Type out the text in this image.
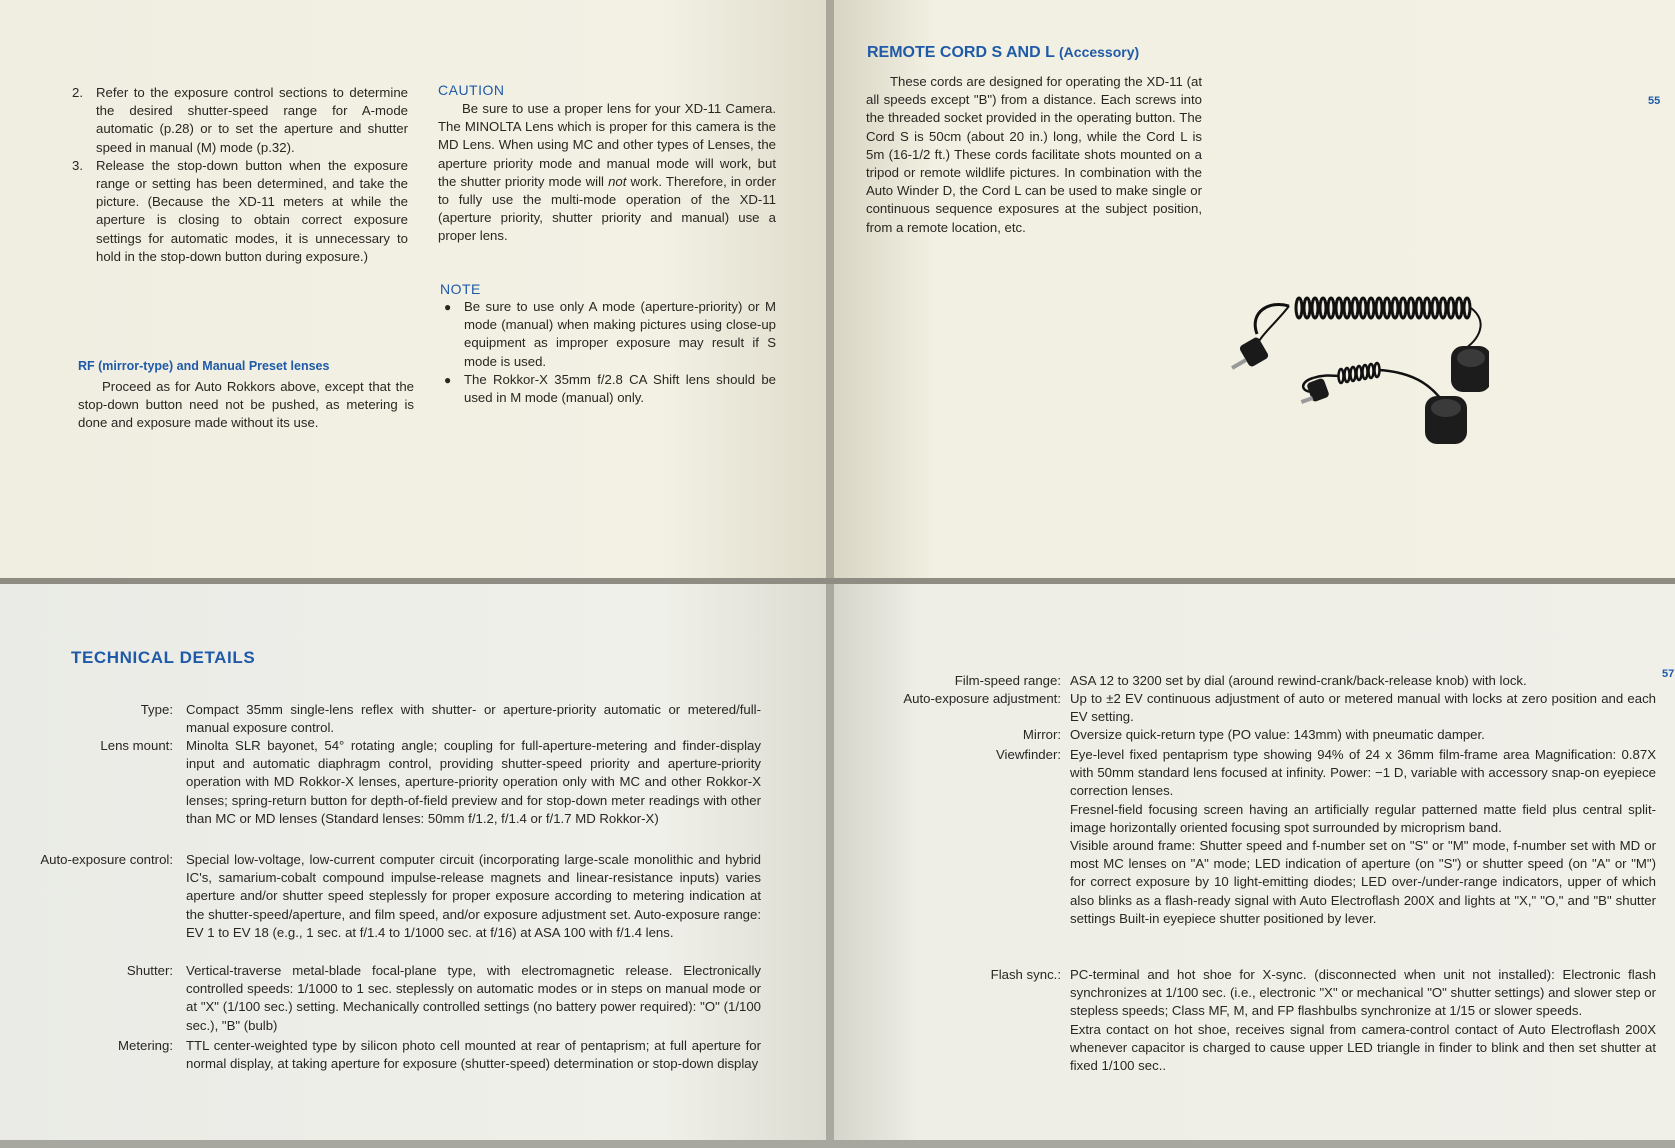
2. Refer to the exposure control sections to determine the desired shutter-speed range for A-mode automatic (p.28) or to set the aperture and shutter speed in manual (M) mode (p.32).
3. Release the stop-down button when the exposure range or setting has been determined, and take the picture. (Because the XD-11 meters at while the aperture is closing to obtain correct exposure settings for automatic modes, it is unnecessary to hold in the stop-down button during exposure.)
RF (mirror-type) and Manual Preset lenses
Proceed as for Auto Rokkors above, except that the stop-down button need not be pushed, as metering is done and exposure made without its use.
CAUTION
Be sure to use a proper lens for your XD-11 Camera. The MINOLTA Lens which is proper for this camera is the MD Lens. When using MC and other types of Lenses, the aperture priority mode and manual mode will work, but the shutter priority mode will not work. Therefore, in order to fully use the multi-mode operation of the XD-11 (aperture priority, shutter priority and manual) use a proper lens.
NOTE
● Be sure to use only A mode (aperture-priority) or M mode (manual) when making pictures using close-up equipment as improper exposure may result if S mode is used.
● The Rokkor-X 35mm f/2.8 CA Shift lens should be used in M mode (manual) only.
REMOTE CORD S AND L (Accessory)
These cords are designed for operating the XD-11 (at all speeds except "B") from a distance. Each screws into the threaded socket provided in the operating button. The Cord S is 50cm (about 20 in.) long, while the Cord L is 5m (16-1/2 ft.) These cords facilitate shots mounted on a tripod or remote wildlife pictures. In combination with the Auto Winder D, the Cord L can be used to make single or continuous sequence exposures at the subject position, from a remote location, etc.
55
TECHNICAL DETAILS
Type: Compact 35mm single-lens reflex with shutter- or aperture-priority automatic or metered/full-manual exposure control.
Lens mount: Minolta SLR bayonet, 54° rotating angle; coupling for full-aperture-metering and finder-display input and automatic diaphragm control, providing shutter-speed priority and aperture-priority operation with MD Rokkor-X lenses, aperture-priority operation only with MC and other Rokkor-X lenses; spring-return button for depth-of-field preview and for stop-down meter readings with other than MC or MD lenses (Standard lenses: 50mm f/1.2, f/1.4 or f/1.7 MD Rokkor-X)
Auto-exposure control: Special low-voltage, low-current computer circuit (incorporating large-scale monolithic and hybrid IC's, samarium-cobalt compound impulse-release magnets and linear-resistance inputs) varies aperture and/or shutter speed steplessly for proper exposure according to metering indication at the shutter-speed/aperture, and film speed, and/or exposure adjustment set. Auto-exposure range: EV 1 to EV 18 (e.g., 1 sec. at f/1.4 to 1/1000 sec. at f/16) at ASA 100 with f/1.4 lens.
Shutter: Vertical-traverse metal-blade focal-plane type, with electromagnetic release. Electronically controlled speeds: 1/1000 to 1 sec. steplessly on automatic modes or in steps on manual mode or at "X" (1/100 sec.) setting. Mechanically controlled settings (no battery power required): "O" (1/100 sec.), "B" (bulb)
Metering: TTL center-weighted type by silicon photo cell mounted at rear of pentaprism; at full aperture for normal display, at taking aperture for exposure (shutter-speed) determination or stop-down display
57
Film-speed range: ASA 12 to 3200 set by dial (around rewind-crank/back-release knob) with lock.

Auto-exposure adjustment: Up to ±2 EV continuous adjustment of auto or metered manual with locks at zero position and each EV setting.

Mirror: Oversize quick-return type (PO value: 143mm) with pneumatic damper.

Viewfinder: Eye-level fixed pentaprism type showing 94% of 24 x 36mm film-frame area Magnification: 0.87X with 50mm standard lens focused at infinity. Power: −1 D, variable with accessory snap-on eyepiece correction lenses.

Fresnel-field focusing screen having an artificially regular patterned matte field plus central split-image horizontally oriented focusing spot surrounded by microprism band.

Visible around frame: Shutter speed and f-number set on "S" or "M" mode, f-number set with MD or most MC lenses on "A" mode; LED indication of aperture (on "S") or shutter speed (on "A" or "M") for correct exposure by 10 light-emitting diodes; LED over-/under-range indicators, upper of which also blinks as a flash-ready signal with Auto Electroflash 200X and lights at "X," "O," and "B" shutter settings Built-in eyepiece shutter positioned by lever.

Flash sync.: PC-terminal and hot shoe for X-sync. (disconnected when unit not installed): Electronic flash synchronizes at 1/100 sec. (i.e., electronic "X" or mechanical "O" shutter settings) and slower step or stepless speeds; Class MF, M, and FP flashbulbs synchronize at 1/15 or slower speeds.

Extra contact on hot shoe, receives signal from camera-control contact of Auto Electroflash 200X whenever capacitor is charged to cause upper LED triangle in finder to blink and then set shutter at fixed 1/100 sec..
